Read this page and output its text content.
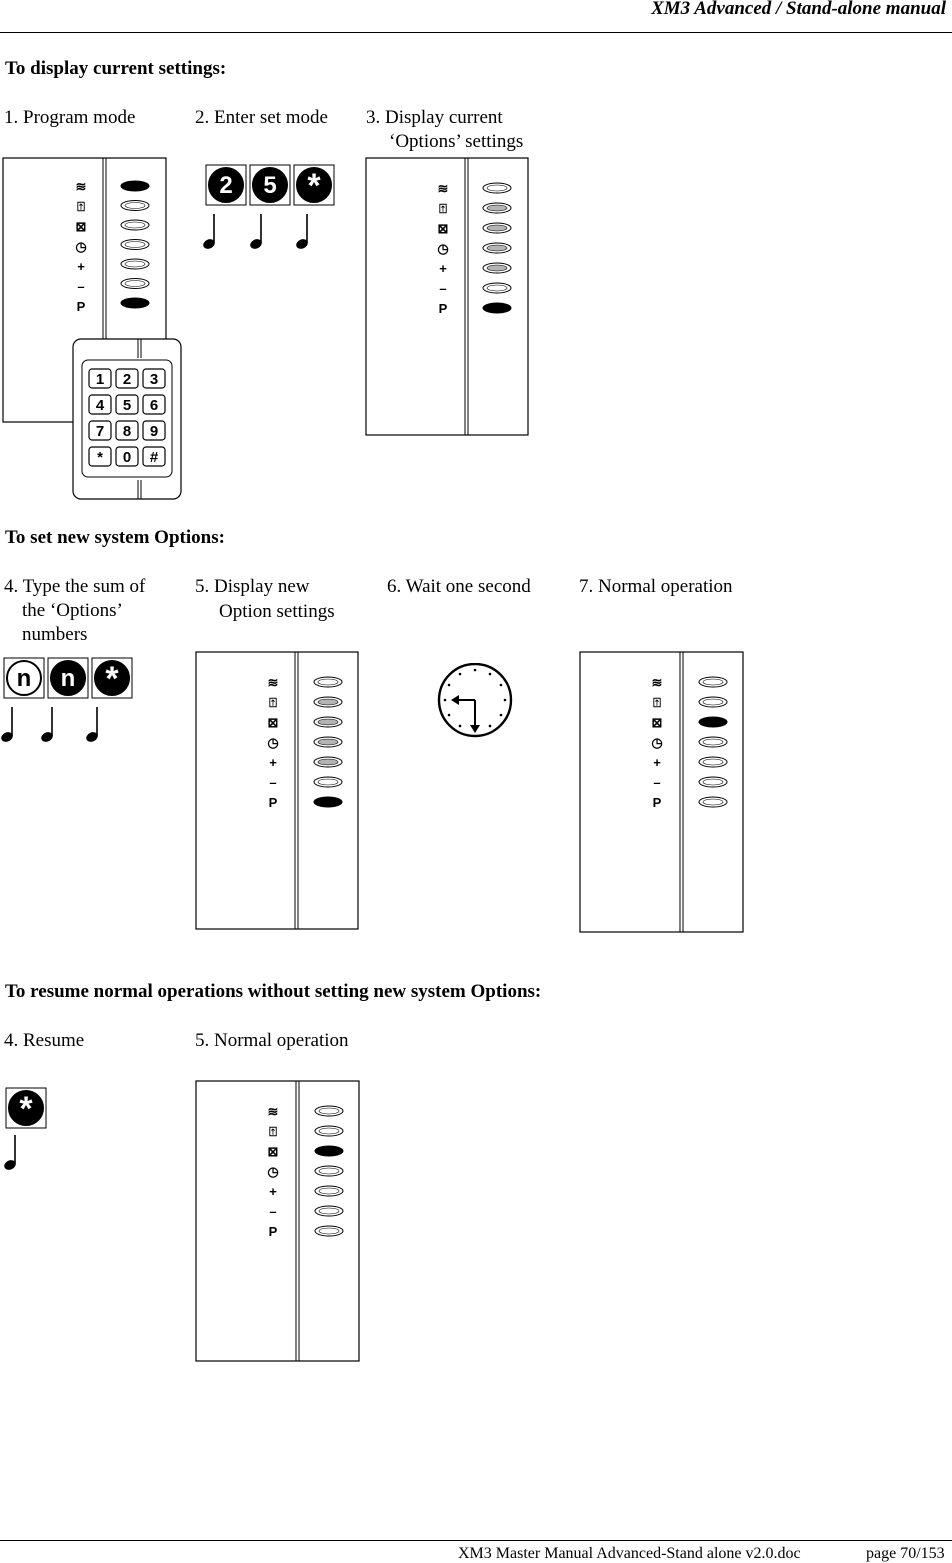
XM3 Advanced / Stand-alone manual
To display current settings:
1. Program mode	2. Enter set mode 3. Display current
‘Options’ settings
≋
⍐
⊠
◷
+
–
P
1 2 3
4 5 6
7 8 9
* 0 #
2 5 *	≋
⍐
⊠
◷
+
–
P
To set new system Options:
4. Type the sum of
the ‘Options’
numbers
5. Display new
Option settings
6. Wait one second	7. Normal operation
n n *	≋
⍐
⊠
◷
+
–
P
≋
⍐
⊠
◷
+
–
P
To resume normal operations without setting new system Options:
4. Resume	5. Normal operation
*	≋
⍐
⊠
◷
+
–
P
XM3 Master Manual Advanced-Stand alone v2.0.doc	page 70/153
